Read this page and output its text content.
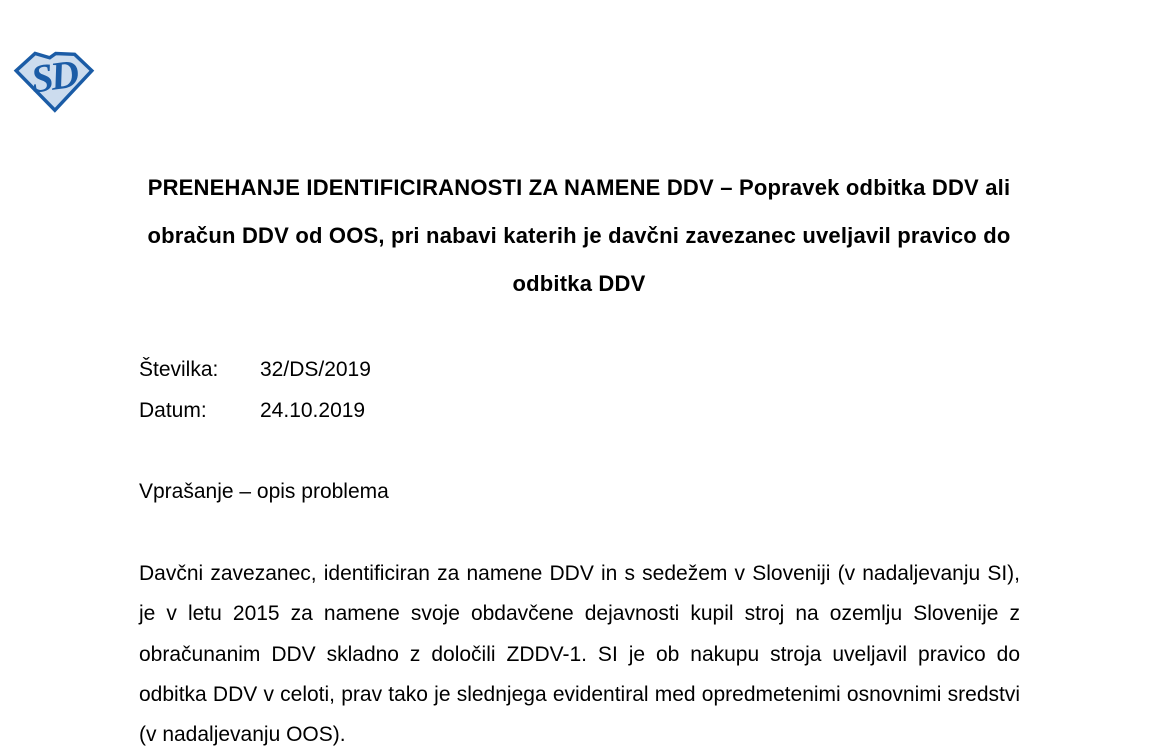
SD
PRENEHANJE IDENTIFICIRANOSTI ZA NAMENE DDV – Popravek odbitka DDV ali obračun DDV od OOS, pri nabavi katerih je davčni zavezanec uveljavil pravico do odbitka DDV
Številka:	32/DS/2019
Datum:	24.10.2019
Vprašanje – opis problema
Davčni zavezanec, identificiran za namene DDV in s sedežem v Sloveniji (v nadaljevanju SI), je v letu 2015 za namene svoje obdavčene dejavnosti kupil stroj na ozemlju Slovenije z obračunanim DDV skladno z določili ZDDV-1. SI je ob nakupu stroja uveljavil pravico do odbitka DDV v celoti, prav tako je slednjega evidentiral med opredmetenimi osnovnimi sredstvi (v nadaljevanju OOS).
